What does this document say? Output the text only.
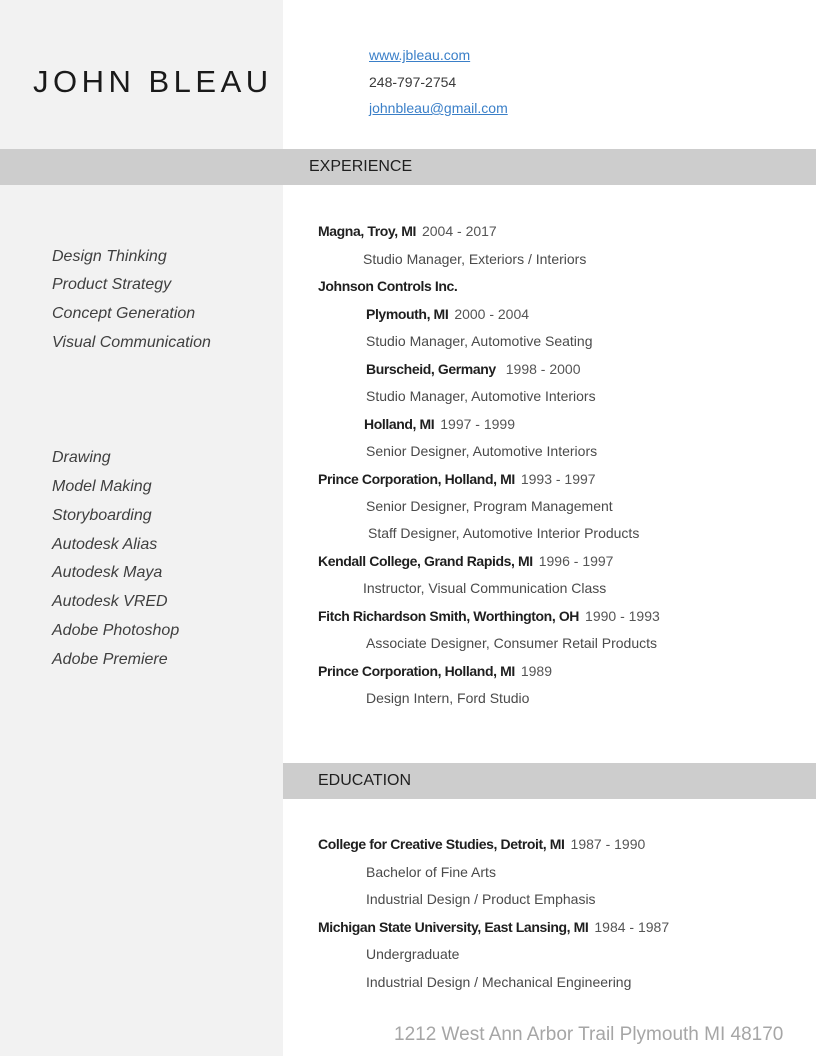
JOHN BLEAU
www.jbleau.com
248-797-2754
johnbleau@gmail.com
EXPERIENCE
EDUCATION
Design Thinking
Product Strategy
Concept Generation
Visual Communication
Drawing
Model Making
Storyboarding
Autodesk Alias
Autodesk Maya
Autodesk VRED
Adobe Photoshop
Adobe Premiere
Magna, Troy, MI 2004 - 2017
Studio Manager, Exteriors / Interiors
Johnson Controls Inc.
Plymouth, MI 2000 - 2004
Studio Manager, Automotive Seating
Burscheid, Germany 1998 - 2000
Studio Manager, Automotive Interiors
Holland, MI 1997 - 1999
Senior Designer, Automotive Interiors
Prince Corporation, Holland, MI 1993 - 1997
Senior Designer, Program Management
Staff Designer, Automotive Interior Products
Kendall College, Grand Rapids, MI 1996 - 1997
Instructor, Visual Communication Class
Fitch Richardson Smith, Worthington, OH 1990 - 1993
Associate Designer, Consumer Retail Products
Prince Corporation, Holland, MI 1989
Design Intern, Ford Studio
College for Creative Studies, Detroit, MI 1987 - 1990
Bachelor of Fine Arts
Industrial Design / Product Emphasis
Michigan State University, East Lansing, MI 1984 - 1987
Undergraduate
Industrial Design / Mechanical Engineering
1212 West Ann Arbor Trail Plymouth MI 48170
